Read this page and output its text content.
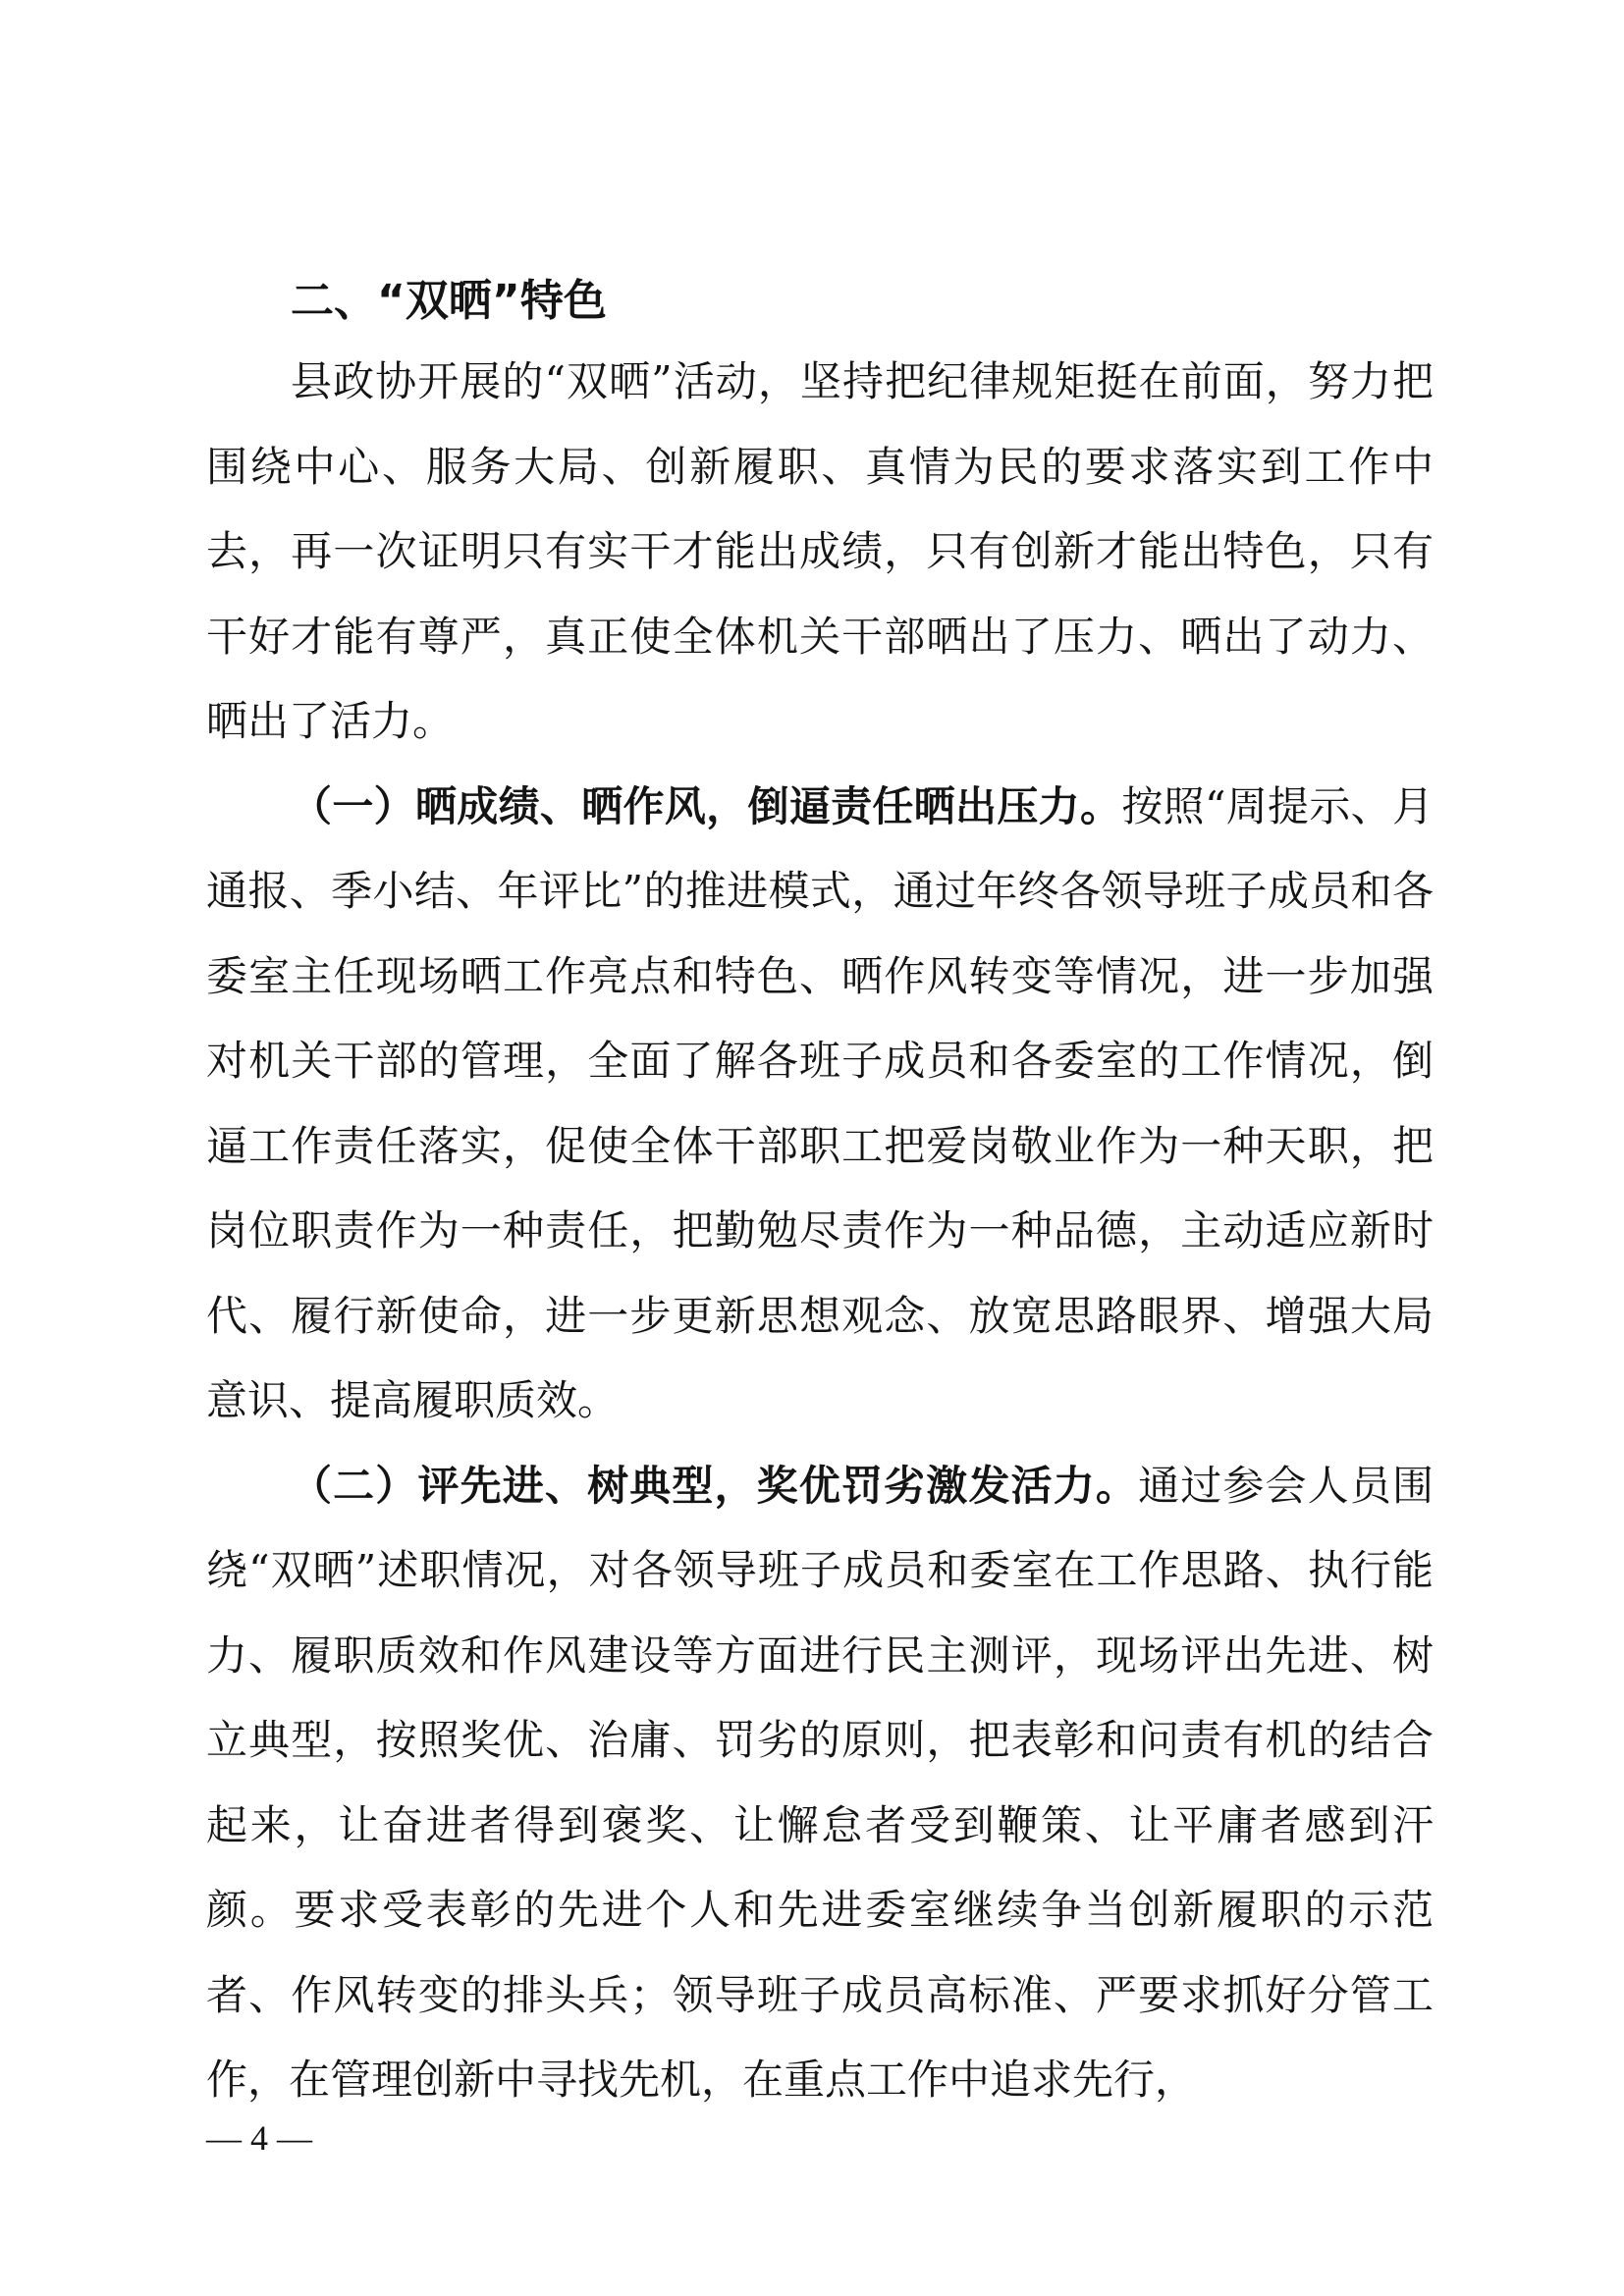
二、“双晒”特色

县政协开展的“双晒”活动，坚持把纪律规矩挺在前面，努力把围绕中心、服务大局、创新履职、真情为民的要求落实到工作中去，再一次证明只有实干才能出成绩，只有创新才能出特色，只有干好才能有尊严，真正使全体机关干部晒出了压力、晒出了动力、晒出了活力。

（一）晒成绩、晒作风，倒逼责任晒出压力。按照“周提示、月通报、季小结、年评比”的推进模式，通过年终各领导班子成员和各委室主任现场晒工作亮点和特色、晒作风转变等情况，进一步加强对机关干部的管理，全面了解各班子成员和各委室的工作情况，倒逼工作责任落实，促使全体干部职工把爱岗敬业作为一种天职，把岗位职责作为一种责任，把勤勉尽责作为一种品德，主动适应新时代、履行新使命，进一步更新思想观念、放宽思路眼界、增强大局意识、提高履职质效。

（二）评先进、树典型，奖优罚劣激发活力。通过参会人员围绕“双晒”述职情况，对各领导班子成员和委室在工作思路、执行能力、履职质效和作风建设等方面进行民主测评，现场评出先进、树立典型，按照奖优、治庸、罚劣的原则，把表彰和问责有机的结合起来，让奋进者得到褒奖、让懈怠者受到鞭策、让平庸者感到汗颜。要求受表彰的先进个人和先进委室继续争当创新履职的示范者、作风转变的排头兵；领导班子成员高标准、严要求抓好分管工作，在管理创新中寻找先机，在重点工作中追求先行，

— 4 —
